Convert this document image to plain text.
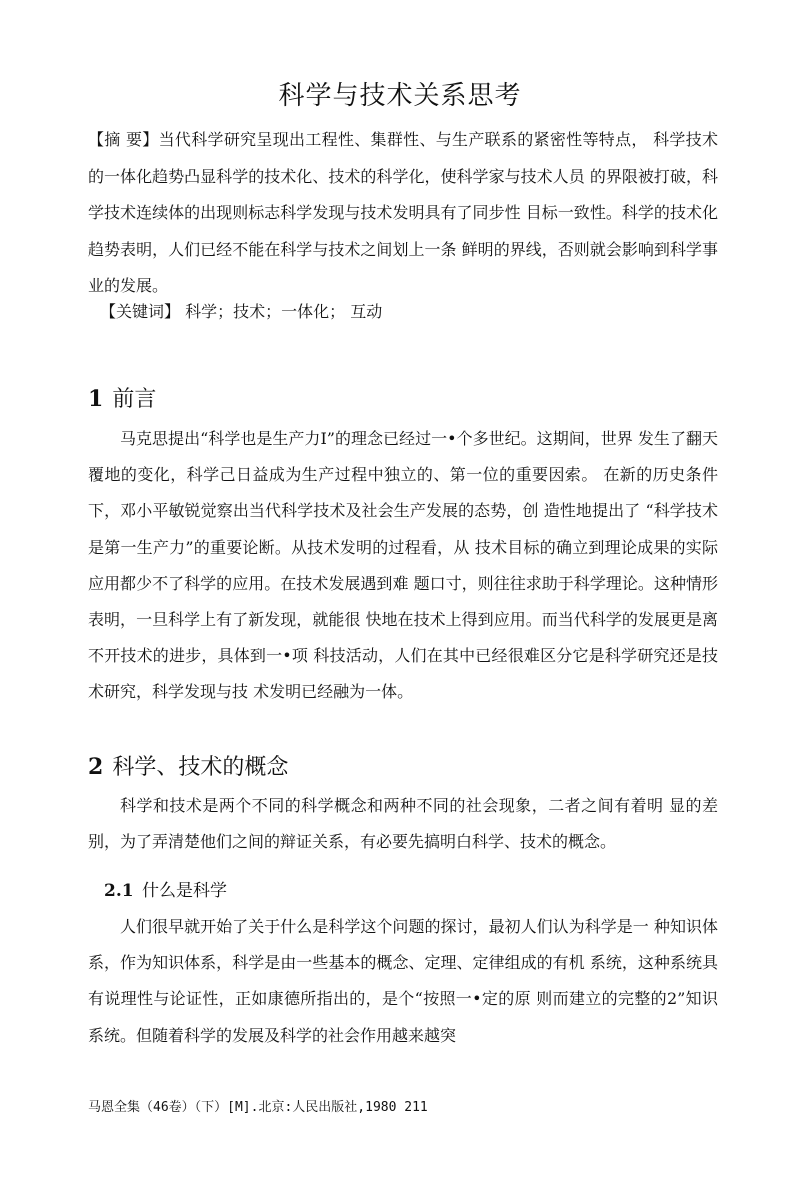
科学与技术关系思考
【摘 要】当代科学研究呈现出工程性、集群性、与生产联系的紧密性等特点， 科学技术的一体化趋势凸显科学的技术化、技术的科学化，使科学家与技术人员 的界限被打破，科学技术连续体的出现则标志科学发现与技术发明具有了同步性 目标一致性。科学的技术化趋势表明，人们已经不能在科学与技术之间划上一条 鲜明的界线，否则就会影响到科学事业的发展。
【关键词】 科学；技术；一体化； 互动
1 前言
马克思提出“科学也是生产力Ⅰ”的理念已经过一•个多世纪。这期间，世界 发生了翻天覆地的变化，科学己日益成为生产过程中独立的、第一位的重要因索。 在新的历史条件下，邓小平敏锐觉察出当代科学技术及社会生产发展的态势，创 造性地提出了 “科学技术是第一生产力”的重要论断。从技术发明的过程看，从 技术目标的确立到理论成果的实际应用都少不了科学的应用。在技术发展遇到难 题口寸，则往往求助于科学理论。这种情形表明，一旦科学上有了新发现，就能很 快地在技术上得到应用。而当代科学的发展更是离不开技术的进步，具体到一•项 科技活动，人们在其中已经很难区分它是科学研究还是技术研究，科学发现与技 术发明已经融为一体。
2 科学、技术的概念
科学和技术是两个不同的科学概念和两种不同的社会现象，二者之间有着明 显的差别，为了弄清楚他们之间的辩证关系，有必要先搞明白科学、技术的概念。
2.1 什么是科学
人们很早就开始了关于什么是科学这个问题的探讨，最初人们认为科学是一 种知识体系，作为知识体系，科学是由一些基本的概念、定理、定律组成的有机 系统，这种系统具有说理性与论证性，正如康德所指出的，是个“按照一•定的原 则而建立的完整的2”知识系统。但随着科学的发展及科学的社会作用越来越突
马恩全集（46卷）（下）[M].北京:人民出版社,1980 211
